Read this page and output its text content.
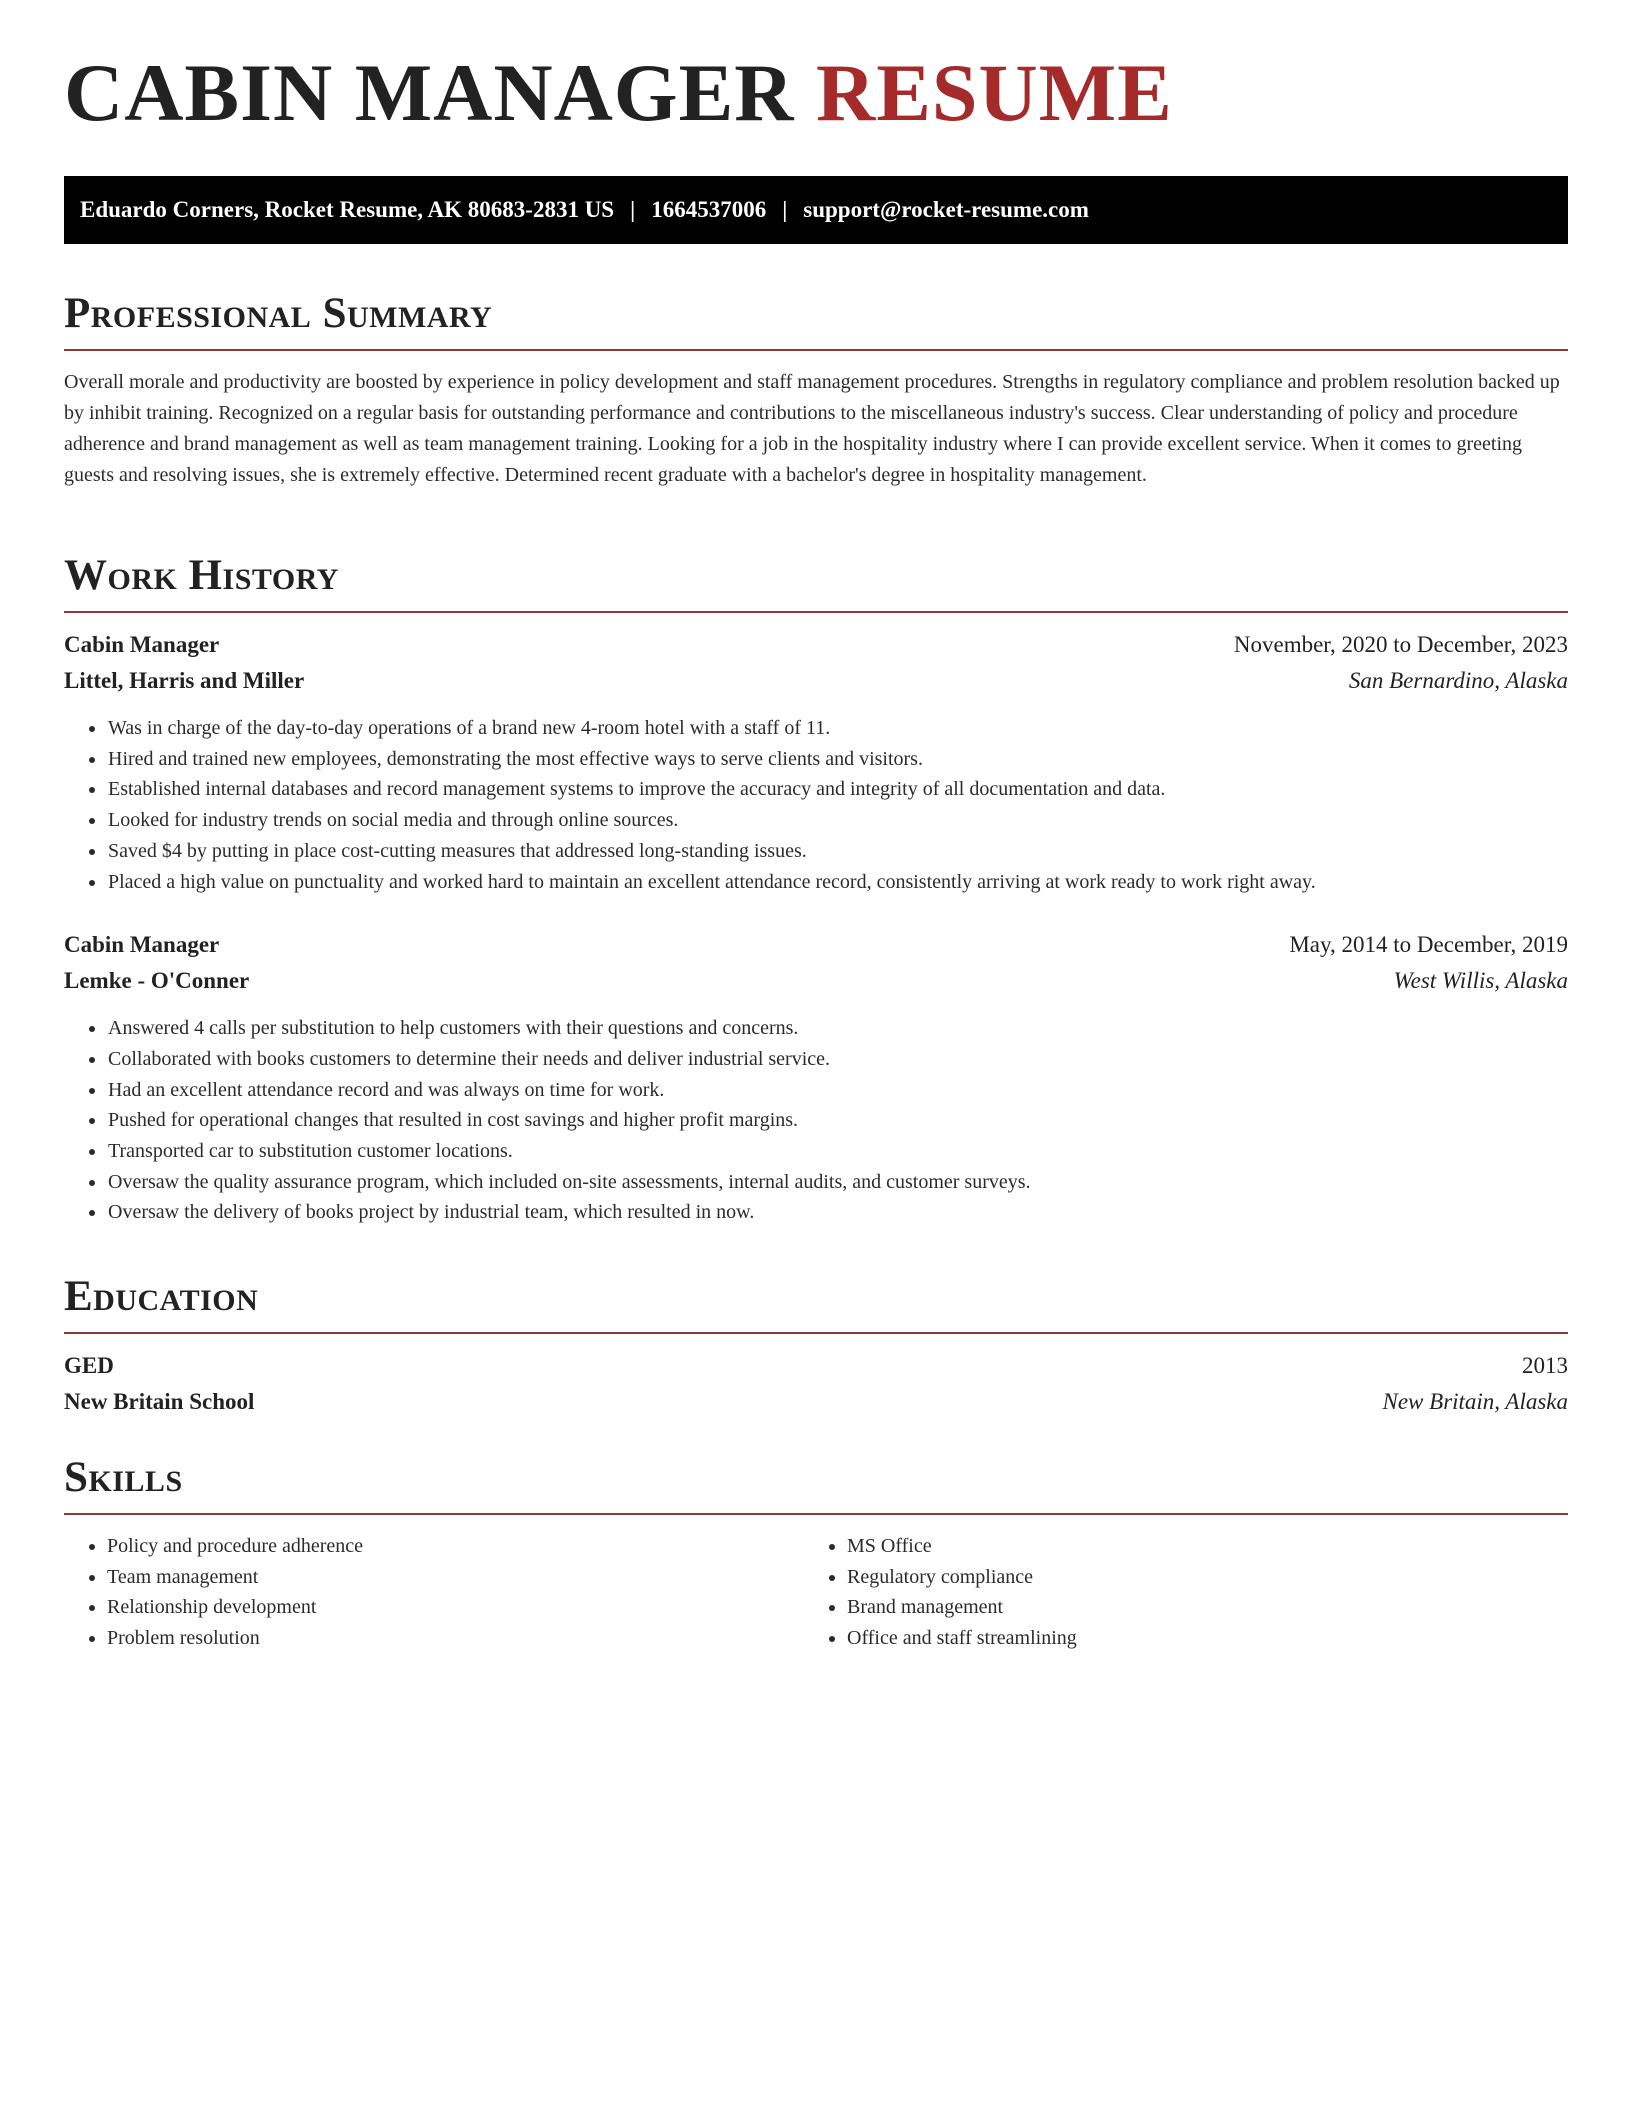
CABIN MANAGER RESUME
Eduardo Corners, Rocket Resume, AK 80683-2831 US | 1664537006 | support@rocket-resume.com
Professional Summary

Overall morale and productivity are boosted by experience in policy development and staff management procedures. Strengths in regulatory compliance and problem resolution backed up by inhibit training. Recognized on a regular basis for outstanding performance and contributions to the miscellaneous industry's success. Clear understanding of policy and procedure adherence and brand management as well as team management training. Looking for a job in the hospitality industry where I can provide excellent service. When it comes to greeting guests and resolving issues, she is extremely effective. Determined recent graduate with a bachelor's degree in hospitality management.

Work History
Cabin Manager	November, 2020 to December, 2023
Littel, Harris and Miller	San Bernardino, Alaska
• Was in charge of the day-to-day operations of a brand new 4-room hotel with a staff of 11.
• Hired and trained new employees, demonstrating the most effective ways to serve clients and visitors.
• Established internal databases and record management systems to improve the accuracy and integrity of all documentation and data.
• Looked for industry trends on social media and through online sources.
• Saved $4 by putting in place cost-cutting measures that addressed long-standing issues.
• Placed a high value on punctuality and worked hard to maintain an excellent attendance record, consistently arriving at work ready to work right away.
Cabin Manager	May, 2014 to December, 2019
Lemke - O'Conner	West Willis, Alaska
• Answered 4 calls per substitution to help customers with their questions and concerns.
• Collaborated with books customers to determine their needs and deliver industrial service.
• Had an excellent attendance record and was always on time for work.
• Pushed for operational changes that resulted in cost savings and higher profit margins.
• Transported car to substitution customer locations.
• Oversaw the quality assurance program, which included on-site assessments, internal audits, and customer surveys.
• Oversaw the delivery of books project by industrial team, which resulted in now.
Education
GED	2013
New Britain School	New Britain, Alaska
Skills
• Policy and procedure adherence
• Team management
• Relationship development
• Problem resolution
• MS Office
• Regulatory compliance
• Brand management
• Office and staff streamlining
